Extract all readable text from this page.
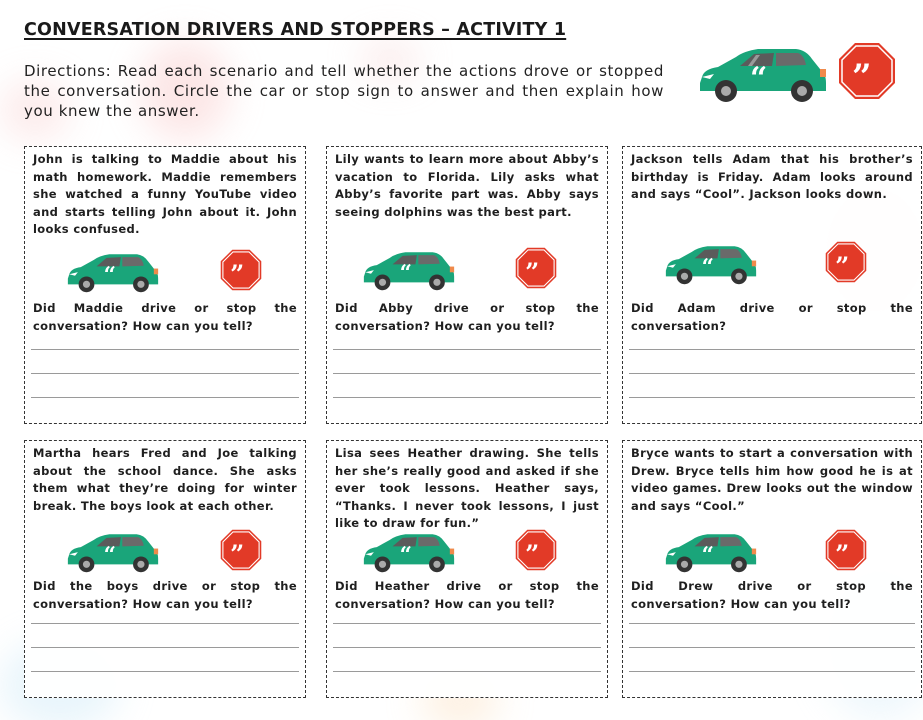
CONVERSATION DRIVERS AND STOPPERS – ACTIVITY 1
Directions: Read each scenario and tell whether the actions drove or stopped the conversation. Circle the car or stop sign to answer and then explain how you knew the answer.
“ ”
John is talking to Maddie about his math homework. Maddie remembers she watched a funny YouTube video and starts telling John about it. John looks confused.
“	”
Did Maddie drive or stop the
conversation? How can you tell?
Lily wants to learn more about Abby’s vacation to Florida. Lily asks what Abby’s favorite part was. Abby says seeing dolphins was the best part.
“	”
Did Abby drive or stop the
conversation? How can you tell?
Jackson tells Adam that his brother’s birthday is Friday. Adam looks around and says “Cool”. Jackson looks down.
“	”
Did Adam drive or stop the
conversation?
Martha hears Fred and Joe talking about the school dance. She asks them what they’re doing for winter break. The boys look at each other.
“	”
Did the boys drive or stop the
conversation? How can you tell?
Lisa sees Heather drawing. She tells her she’s really good and asked if she ever took lessons. Heather says, “Thanks. I never took lessons, I just like to draw for fun.”
“	”
Did Heather drive or stop the
conversation? How can you tell?
Bryce wants to start a conversation with Drew. Bryce tells him how good he is at video games. Drew looks out the window and says “Cool.”
“	”
Did Drew drive or stop the
conversation? How can you tell?
